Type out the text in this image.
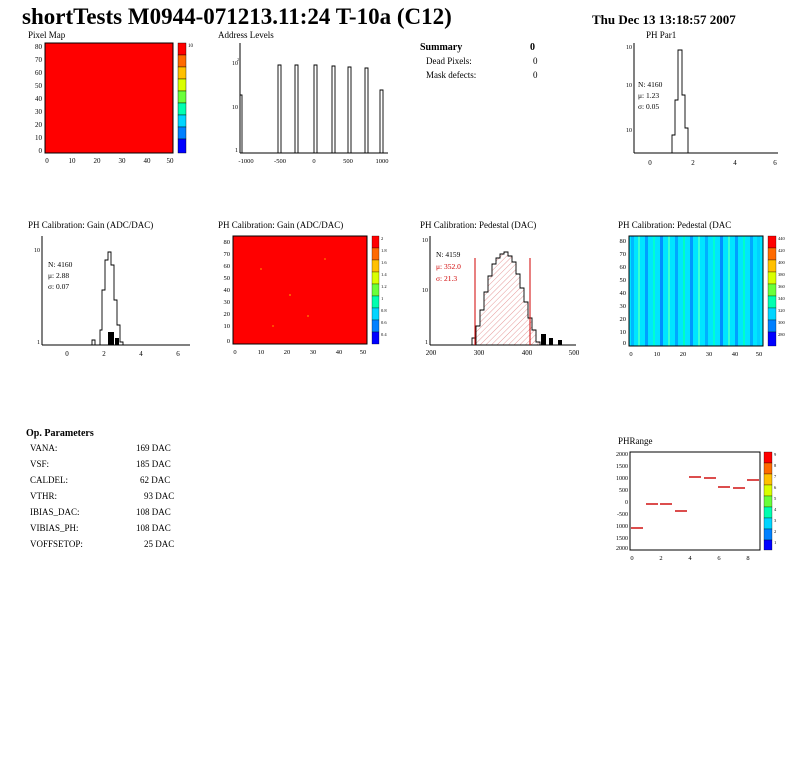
shortTests M0944-071213.11:24 T-10a (C12)	Thu Dec 13 13:18:57 2007
Pixel Map
80
70
60
50
40
30
20
10
0
0	10	20	30	40 50
10
Address Levels
10
10
1
2
-1000	-500	0	500	1000
Summary	0
Dead Pixels:	0
Mask defects:	0
PH Par1
10
10
10
0	2	4	6
N: 4160
μ: 1.23
σ: 0.05
PH Calibration: Gain (ADC/DAC)
10
1
0	2	4	6
N: 4160
μ: 2.88
σ: 0.07
PH Calibration: Gain (ADC/DAC)
80
70
60
50
40
30
20
10
0
0	10	20	30	40	50
2
1.8
1.6
1.4
1.2
1
0.8
0.6
0.4
PH Calibration: Pedestal (DAC)
10
10
1
200	300	400	500
N: 4159
μ: 352.0
σ: 21.3
PH Calibration: Pedestal (DAC
80
70
60
50
40
30
20
10
0
0	10	20	30	40	50
440
420
400
380
360
340
320
300
280
Op. Parameters
VANA:	169 DAC
VSF:	185 DAC
CALDEL:	62 DAC
VTHR:	93 DAC
IBIAS_DAC:	108 DAC
VIBIAS_PH:	108 DAC
VOFFSETOP:	25 DAC
PHRange
2000
1500
1000
500
0
-500
1000
1500
2000
0	2	4	6	8
9
8
7
6
5
4
3
2
1
